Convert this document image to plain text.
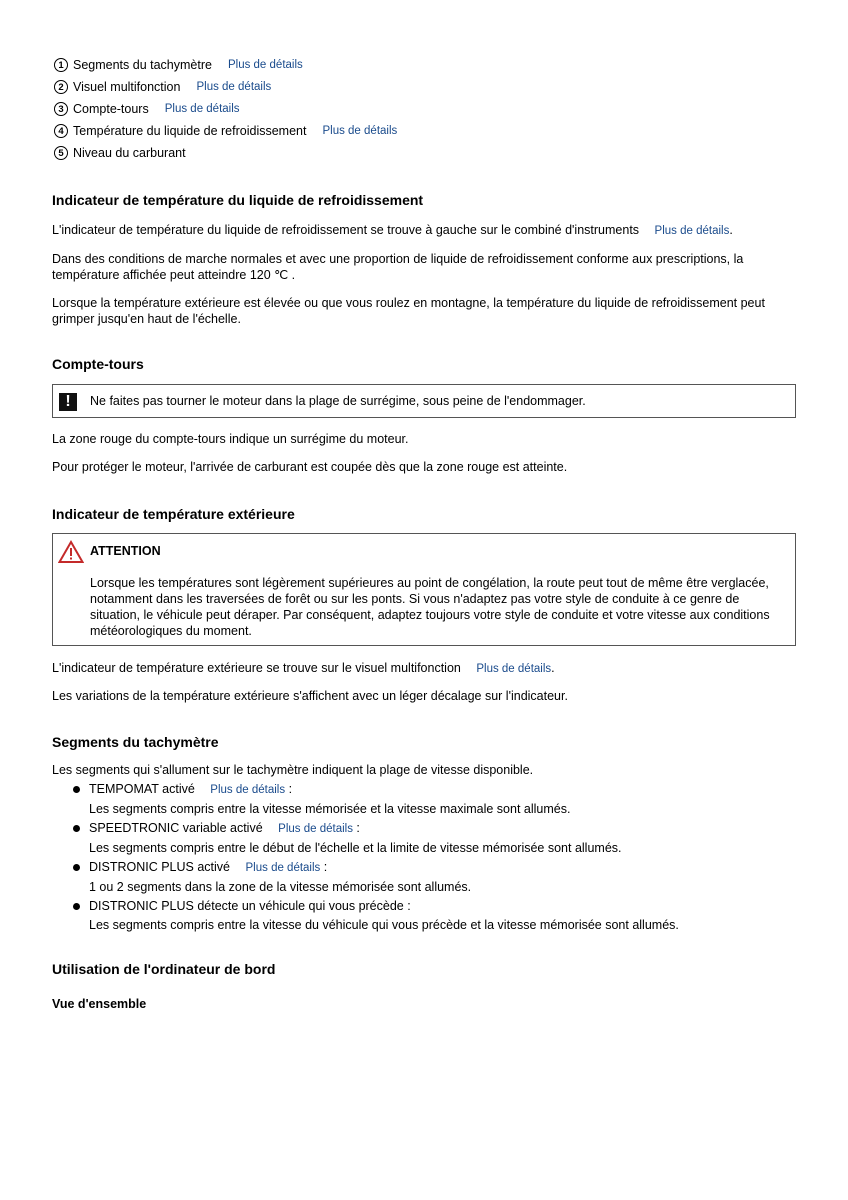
1 Segments du tachymètre Plus de détails
2 Visuel multifonction Plus de détails
3 Compte-tours Plus de détails
4 Température du liquide de refroidissement Plus de détails
5 Niveau du carburant
Indicateur de température du liquide de refroidissement

L'indicateur de température du liquide de refroidissement se trouve à gauche sur le combiné d'instruments Plus de détails.

Dans des conditions de marche normales et avec une proportion de liquide de refroidissement conforme aux prescriptions, la température affichée peut atteindre 120 ℃ .

Lorsque la température extérieure est élevée ou que vous roulez en montagne, la température du liquide de refroidissement peut grimper jusqu'en haut de l'échelle.

Compte-tours
!	Ne faites pas tourner le moteur dans la plage de surrégime, sous peine de l'endommager.

La zone rouge du compte-tours indique un surrégime du moteur.

Pour protéger le moteur, l'arrivée de carburant est coupée dès que la zone rouge est atteinte.

Indicateur de température extérieure
ATTENTION
Lorsque les températures sont légèrement supérieures au point de congélation, la route peut tout de même être verglacée, notamment dans les traversées de forêt ou sur les ponts. Si vous n'adaptez pas votre style de conduite à ce genre de situation, le véhicule peut déraper. Par conséquent, adaptez toujours votre style de conduite et votre vitesse aux conditions météorologiques du moment.

L'indicateur de température extérieure se trouve sur le visuel multifonction Plus de détails.

Les variations de la température extérieure s'affichent avec un léger décalage sur l'indicateur.

Segments du tachymètre

Les segments qui s'allument sur le tachymètre indiquent la plage de vitesse disponible.

TEMPOMAT activé Plus de détails :
Les segments compris entre la vitesse mémorisée et la vitesse maximale sont allumés.
SPEEDTRONIC variable activé Plus de détails :
Les segments compris entre le début de l'échelle et la limite de vitesse mémorisée sont allumés.
DISTRONIC PLUS activé Plus de détails :
1 ou 2 segments dans la zone de la vitesse mémorisée sont allumés.
DISTRONIC PLUS détecte un véhicule qui vous précède :
Les segments compris entre la vitesse du véhicule qui vous précède et la vitesse mémorisée sont allumés.
Utilisation de l'ordinateur de bord
Vue d'ensemble
